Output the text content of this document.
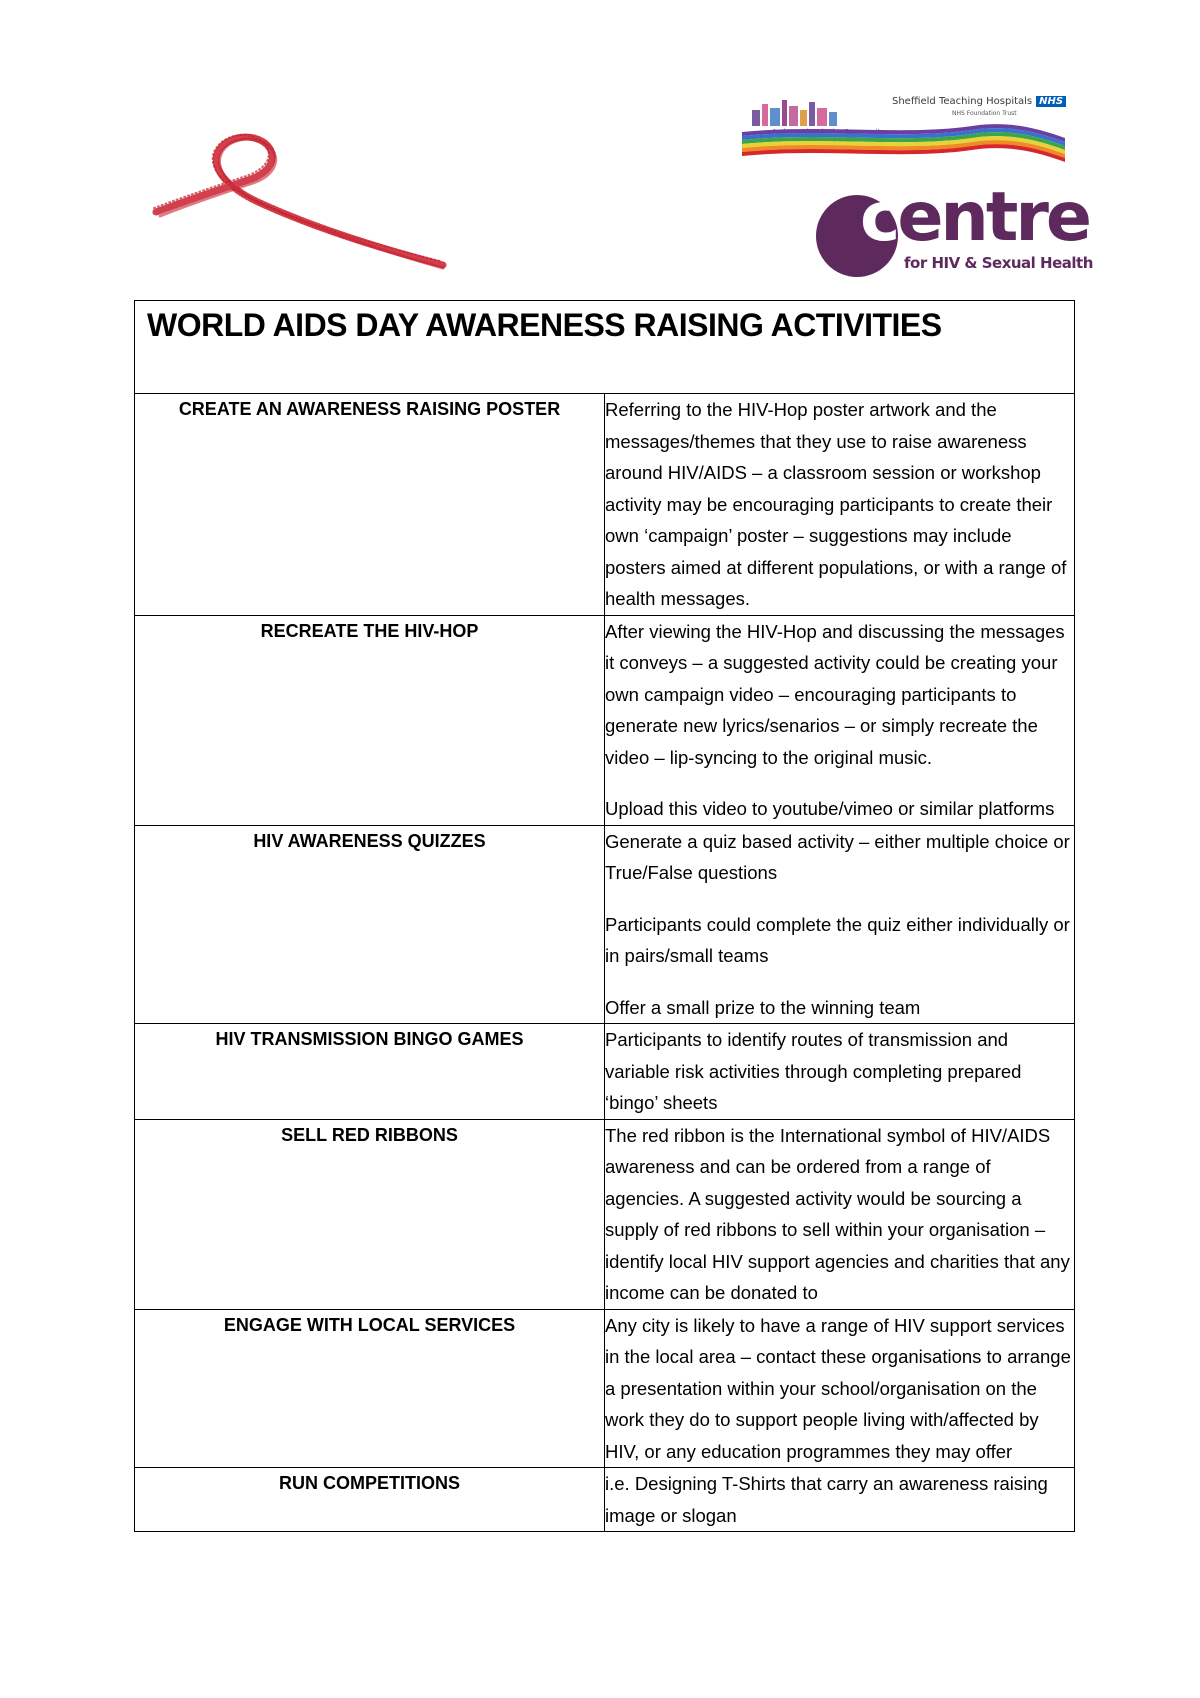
Sheffield Teaching Hospitals NHS
NHS Foundation Trust
centre
for HIV & Sexual Health
WORLD AIDS DAY AWARENESS RAISING ACTIVITIES	

CREATE AN AWARENESS RAISING POSTER	Referring to the HIV-Hop poster artwork and the messages/themes that they use to raise awareness around HIV/AIDS – a classroom session or workshop activity may be encouraging participants to create their own ‘campaign’ poster – suggestions may include posters aimed at different populations, or with a range of health messages.

RECREATE THE HIV-HOP	After viewing the HIV-Hop and discussing the messages it conveys – a suggested activity could be creating your own campaign video – encouraging participants to generate new lyrics/senarios – or simply recreate the video – lip-syncing to the original music.
Upload this video to youtube/vimeo or similar platforms

HIV AWARENESS QUIZZES	Generate a quiz based activity – either multiple choice or True/False questions
Participants could complete the quiz either individually or in pairs/small teams
Offer a small prize to the winning team

HIV TRANSMISSION BINGO GAMES	Participants to identify routes of transmission and variable risk activities through completing prepared ‘bingo’ sheets

SELL RED RIBBONS	The red ribbon is the International symbol of HIV/AIDS awareness and can be ordered from a range of agencies. A suggested activity would be sourcing a supply of red ribbons to sell within your organisation – identify local HIV support agencies and charities that any income can be donated to

ENGAGE WITH LOCAL SERVICES	Any city is likely to have a range of HIV support services in the local area – contact these organisations to arrange a presentation within your school/organisation on the work they do to support people living with/affected by HIV, or any education programmes they may offer

RUN COMPETITIONS	i.e. Designing T-Shirts that carry an awareness raising image or slogan
